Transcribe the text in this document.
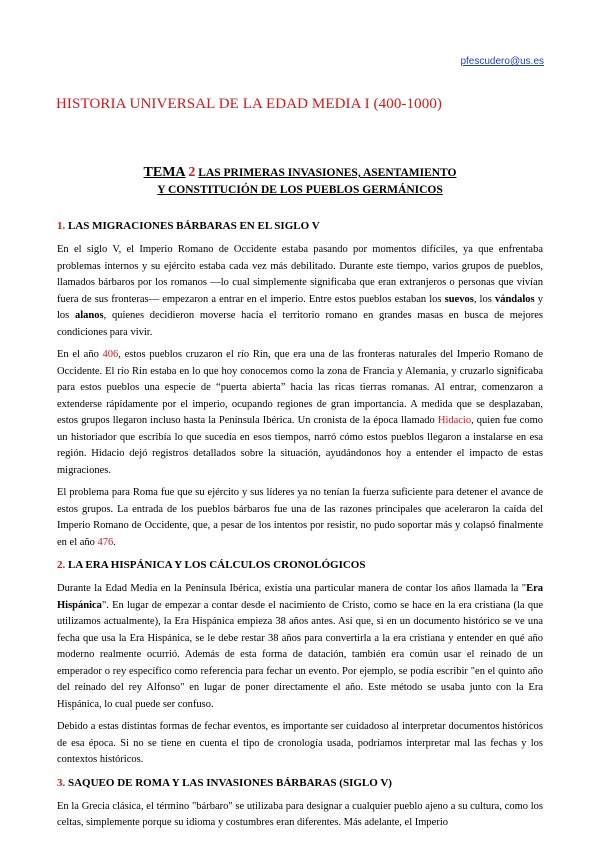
pfescudero@us.es
HISTORIA UNIVERSAL DE LA EDAD MEDIA I (400-1000)
TEMA 2 LAS PRIMERAS INVASIONES, ASENTAMIENTO
Y CONSTITUCIÓN DE LOS PUEBLOS GERMÁNICOS
1. LAS MIGRACIONES BÁRBARAS EN EL SIGLO V

En el siglo V, el Imperio Romano de Occidente estaba pasando por momentos difíciles, ya que enfrentaba problemas internos y su ejército estaba cada vez más debilitado. Durante este tiempo, varios grupos de pueblos, llamados bárbaros por los romanos —lo cual simplemente significaba que eran extranjeros o personas que vivían fuera de sus fronteras— empezaron a entrar en el imperio. Entre estos pueblos estaban los suevos, los vándalos y los alanos, quienes decidieron moverse hacia el territorio romano en grandes masas en busca de mejores condiciones para vivir.

En el año 406, estos pueblos cruzaron el río Rin, que era una de las fronteras naturales del Imperio Romano de Occidente. El río Rin estaba en lo que hoy conocemos como la zona de Francia y Alemania, y cruzarlo significaba para estos pueblos una especie de “puerta abierta” hacia las ricas tierras romanas. Al entrar, comenzaron a extenderse rápidamente por el imperio, ocupando regiones de gran importancia. A medida que se desplazaban, estos grupos llegaron incluso hasta la Península Ibérica. Un cronista de la época llamado Hidacio, quien fue como un historiador que escribía lo que sucedía en esos tiempos, narró cómo estos pueblos llegaron a instalarse en esa región. Hidacio dejó registros detallados sobre la situación, ayudándonos hoy a entender el impacto de estas migraciones.

El problema para Roma fue que su ejército y sus líderes ya no tenían la fuerza suficiente para detener el avance de estos grupos. La entrada de los pueblos bárbaros fue una de las razones principales que aceleraron la caída del Imperio Romano de Occidente, que, a pesar de los intentos por resistir, no pudo soportar más y colapsó finalmente en el año 476.

2. LA ERA HISPÁNICA Y LOS CÁLCULOS CRONOLÓGICOS

Durante la Edad Media en la Península Ibérica, existía una particular manera de contar los años llamada la "Era Hispánica". En lugar de empezar a contar desde el nacimiento de Cristo, como se hace en la era cristiana (la que utilizamos actualmente), la Era Hispánica empieza 38 años antes. Así que, si en un documento histórico se ve una fecha que usa la Era Hispánica, se le debe restar 38 años para convertirla a la era cristiana y entender en qué año moderno realmente ocurrió. Además de esta forma de datación, también era común usar el reinado de un emperador o rey específico como referencia para fechar un evento. Por ejemplo, se podía escribir "en el quinto año del reinado del rey Alfonso" en lugar de poner directamente el año. Este método se usaba junto con la Era Hispánica, lo cual puede ser confuso.

Debido a estas distintas formas de fechar eventos, es importante ser cuidadoso al interpretar documentos históricos de esa época. Si no se tiene en cuenta el tipo de cronología usada, podríamos interpretar mal las fechas y los contextos históricos.

3. SAQUEO DE ROMA Y LAS INVASIONES BÁRBARAS (SIGLO V)

En la Grecia clásica, el término "bárbaro" se utilizaba para designar a cualquier pueblo ajeno a su cultura, como los celtas, simplemente porque su idioma y costumbres eran diferentes. Más adelante, el Imperio
